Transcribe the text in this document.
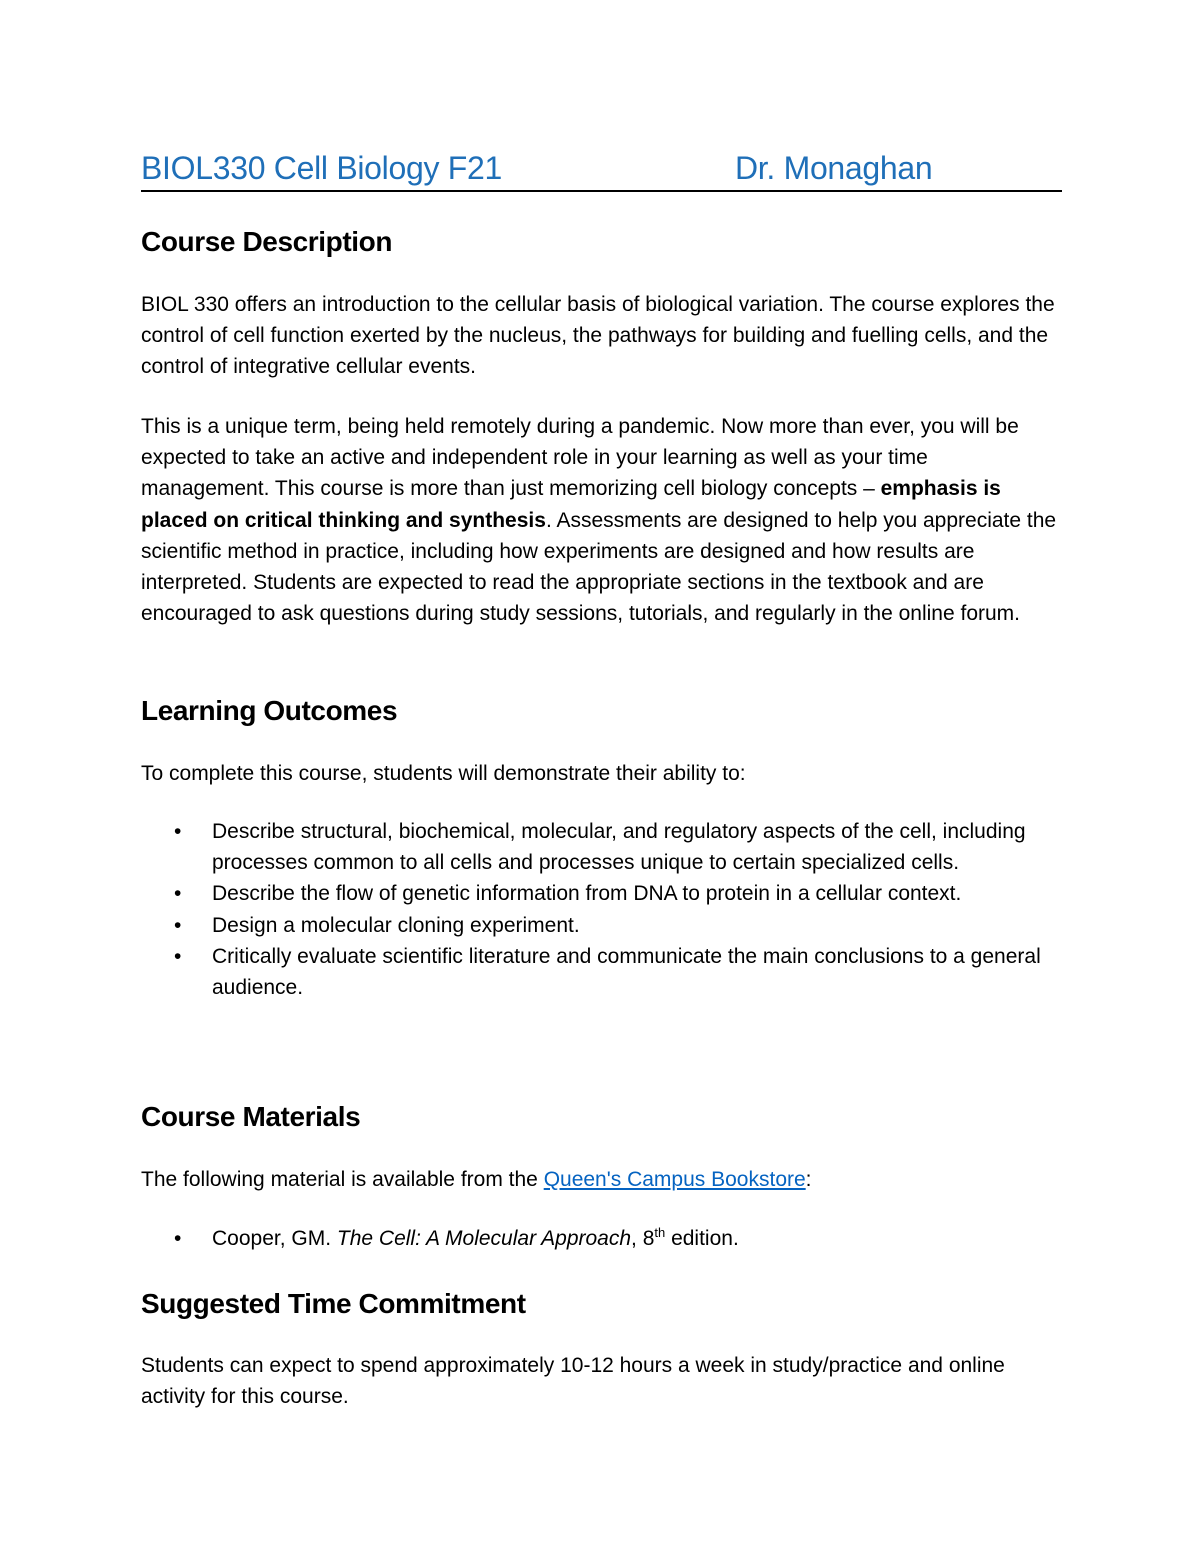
BIOL330 Cell Biology F21	Dr. Monaghan
Course Description

BIOL 330 offers an introduction to the cellular basis of biological variation. The course explores the control of cell function exerted by the nucleus, the pathways for building and fuelling cells, and the control of integrative cellular events.

This is a unique term, being held remotely during a pandemic. Now more than ever, you will be expected to take an active and independent role in your learning as well as your time management. This course is more than just memorizing cell biology concepts – emphasis is placed on critical thinking and synthesis. Assessments are designed to help you appreciate the scientific method in practice, including how experiments are designed and how results are interpreted. Students are expected to read the appropriate sections in the textbook and are encouraged to ask questions during study sessions, tutorials, and regularly in the online forum.

Learning Outcomes

To complete this course, students will demonstrate their ability to:

• Describe structural, biochemical, molecular, and regulatory aspects of the cell, including processes common to all cells and processes unique to certain specialized cells.
• Describe the flow of genetic information from DNA to protein in a cellular context.
• Design a molecular cloning experiment.
• Critically evaluate scientific literature and communicate the main conclusions to a general audience.
Course Materials

The following material is available from the Queen's Campus Bookstore:

• Cooper, GM. The Cell: A Molecular Approach, 8th edition.
Suggested Time Commitment

Students can expect to spend approximately 10-12 hours a week in study/practice and online activity for this course.
